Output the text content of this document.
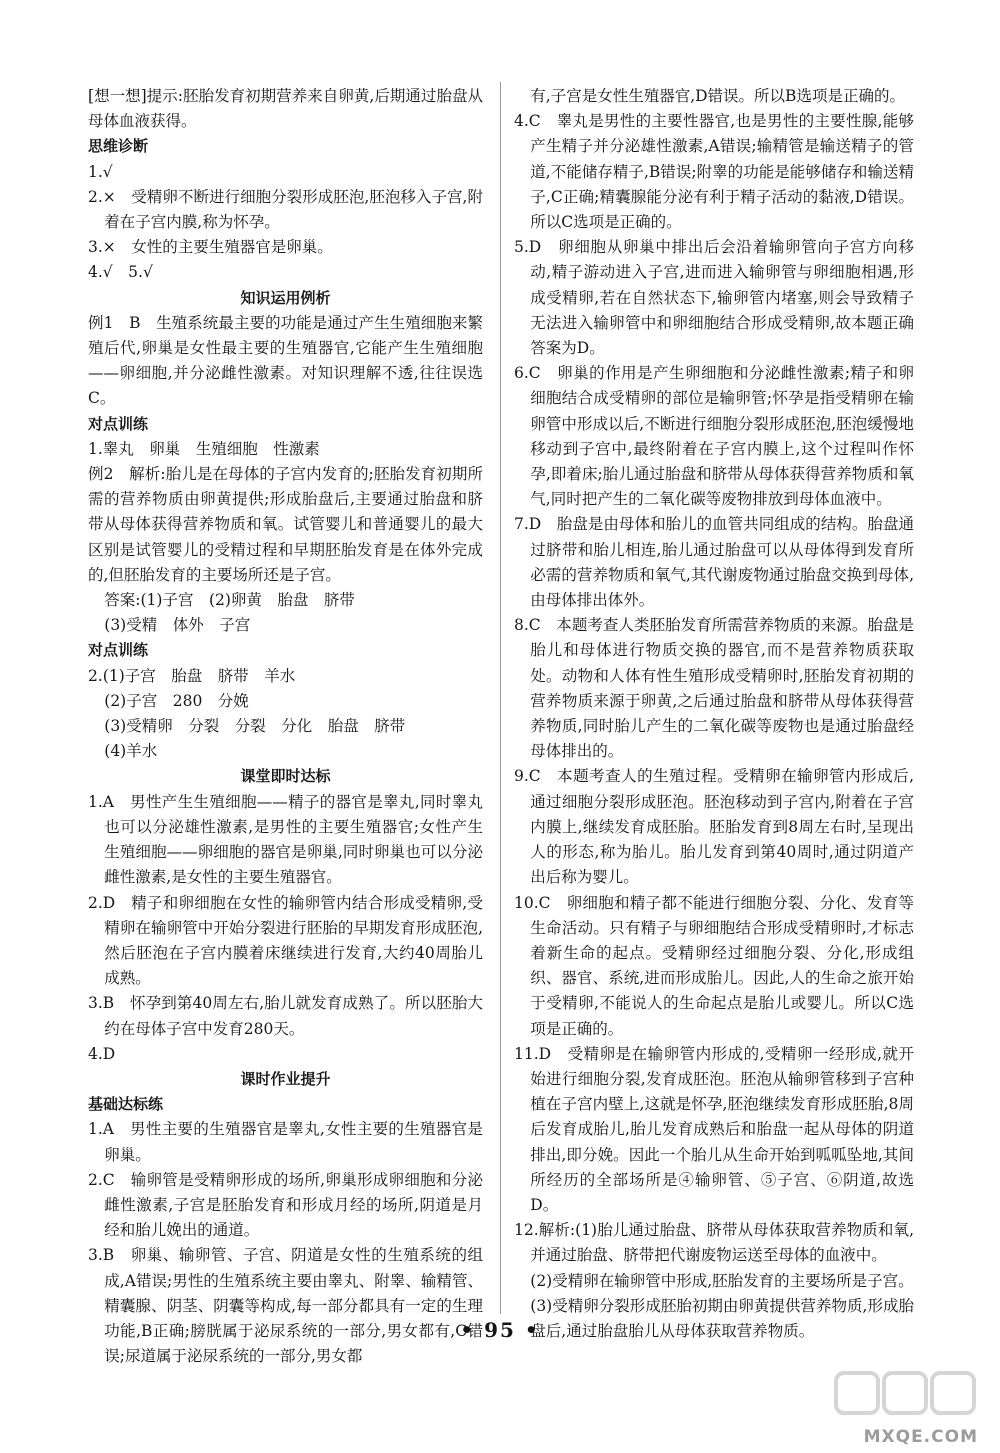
[想一想]提示:胚胎发育初期营养来自卵黄,后期通过胎盘从母体血液获得。

思维诊断

1.√

2.×　受精卵不断进行细胞分裂形成胚泡,胚泡移入子宫,附着在子宫内膜,称为怀孕。

3.×　女性的主要生殖器官是卵巢。

4.√　5.√

知识运用例析

例1　B　生殖系统最主要的功能是通过产生生殖细胞来繁殖后代,卵巢是女性最主要的生殖器官,它能产生生殖细胞——卵细胞,并分泌雌性激素。对知识理解不透,往往误选C。

对点训练

1.睾丸　卵巢　生殖细胞　性激素

例2　解析:胎儿是在母体的子宫内发育的;胚胎发育初期所需的营养物质由卵黄提供;形成胎盘后,主要通过胎盘和脐带从母体获得营养物质和氧。试管婴儿和普通婴儿的最大区别是试管婴儿的受精过程和早期胚胎发育是在体外完成的,但胚胎发育的主要场所还是子宫。

答案:(1)子宫　(2)卵黄　胎盘　脐带

(3)受精　体外　子宫

对点训练

2.(1)子宫　胎盘　脐带　羊水

(2)子宫　280　分娩

(3)受精卵　分裂　分裂　分化　胎盘　脐带

(4)羊水

课堂即时达标

1.A　男性产生生殖细胞——精子的器官是睾丸,同时睾丸也可以分泌雄性激素,是男性的主要生殖器官;女性产生生殖细胞——卵细胞的器官是卵巢,同时卵巢也可以分泌雌性激素,是女性的主要生殖器官。

2.D　精子和卵细胞在女性的输卵管内结合形成受精卵,受精卵在输卵管中开始分裂进行胚胎的早期发育形成胚泡,然后胚泡在子宫内膜着床继续进行发育,大约40周胎儿成熟。

3.B　怀孕到第40周左右,胎儿就发育成熟了。所以胚胎大约在母体子宫中发育280天。

4.D

课时作业提升

基础达标练

1.A　男性主要的生殖器官是睾丸,女性主要的生殖器官是卵巢。

2.C　输卵管是受精卵形成的场所,卵巢形成卵细胞和分泌雌性激素,子宫是胚胎发育和形成月经的场所,阴道是月经和胎儿娩出的通道。

3.B　卵巢、输卵管、子宫、阴道是女性的生殖系统的组成,A错误;男性的生殖系统主要由睾丸、附睾、输精管、精囊腺、阴茎、阴囊等构成,每一部分都具有一定的生理功能,B正确;膀胱属于泌尿系统的一部分,男女都有,C错误;尿道属于泌尿系统的一部分,男女都

有,子宫是女性生殖器官,D错误。所以B选项是正确的。

4.C　睾丸是男性的主要性器官,也是男性的主要性腺,能够产生精子并分泌雄性激素,A错误;输精管是输送精子的管道,不能储存精子,B错误;附睾的功能是能够储存和输送精子,C正确;精囊腺能分泌有利于精子活动的黏液,D错误。所以C选项是正确的。

5.D　卵细胞从卵巢中排出后会沿着输卵管向子宫方向移动,精子游动进入子宫,进而进入输卵管与卵细胞相遇,形成受精卵,若在自然状态下,输卵管内堵塞,则会导致精子无法进入输卵管中和卵细胞结合形成受精卵,故本题正确答案为D。

6.C　卵巢的作用是产生卵细胞和分泌雌性激素;精子和卵细胞结合成受精卵的部位是输卵管;怀孕是指受精卵在输卵管中形成以后,不断进行细胞分裂形成胚泡,胚泡缓慢地移动到子宫中,最终附着在子宫内膜上,这个过程叫作怀孕,即着床;胎儿通过胎盘和脐带从母体获得营养物质和氧气,同时把产生的二氧化碳等废物排放到母体血液中。

7.D　胎盘是由母体和胎儿的血管共同组成的结构。胎盘通过脐带和胎儿相连,胎儿通过胎盘可以从母体得到发育所必需的营养物质和氧气,其代谢废物通过胎盘交换到母体,由母体排出体外。

8.C　本题考查人类胚胎发育所需营养物质的来源。胎盘是胎儿和母体进行物质交换的器官,而不是营养物质获取处。动物和人体有性生殖形成受精卵时,胚胎发育初期的营养物质来源于卵黄,之后通过胎盘和脐带从母体获得营养物质,同时胎儿产生的二氧化碳等废物也是通过胎盘经母体排出的。

9.C　本题考查人的生殖过程。受精卵在输卵管内形成后,通过细胞分裂形成胚泡。胚泡移动到子宫内,附着在子宫内膜上,继续发育成胚胎。胚胎发育到8周左右时,呈现出人的形态,称为胎儿。胎儿发育到第40周时,通过阴道产出后称为婴儿。

10.C　卵细胞和精子都不能进行细胞分裂、分化、发育等生命活动。只有精子与卵细胞结合形成受精卵时,才标志着新生命的起点。受精卵经过细胞分裂、分化,形成组织、器官、系统,进而形成胎儿。因此,人的生命之旅开始于受精卵,不能说人的生命起点是胎儿或婴儿。所以C选项是正确的。

11.D　受精卵是在输卵管内形成的,受精卵一经形成,就开始进行细胞分裂,发育成胚泡。胚泡从输卵管移到子宫种植在子宫内壁上,这就是怀孕,胚泡继续发育形成胚胎,8周后发育成胎儿,胎儿发育成熟后和胎盘一起从母体的阴道排出,即分娩。因此一个胎儿从生命开始到呱呱坠地,其间所经历的全部场所是④输卵管、⑤子宫、⑥阴道,故选D。

12.解析:(1)胎儿通过胎盘、脐带从母体获取营养物质和氧,并通过胎盘、脐带把代谢废物运送至母体的血液中。

(2)受精卵在输卵管中形成,胚胎发育的主要场所是子宫。

(3)受精卵分裂形成胚胎初期由卵黄提供营养物质,形成胎盘后,通过胎盘胎儿从母体获取营养物质。

• 95 •
MXQE.COM
